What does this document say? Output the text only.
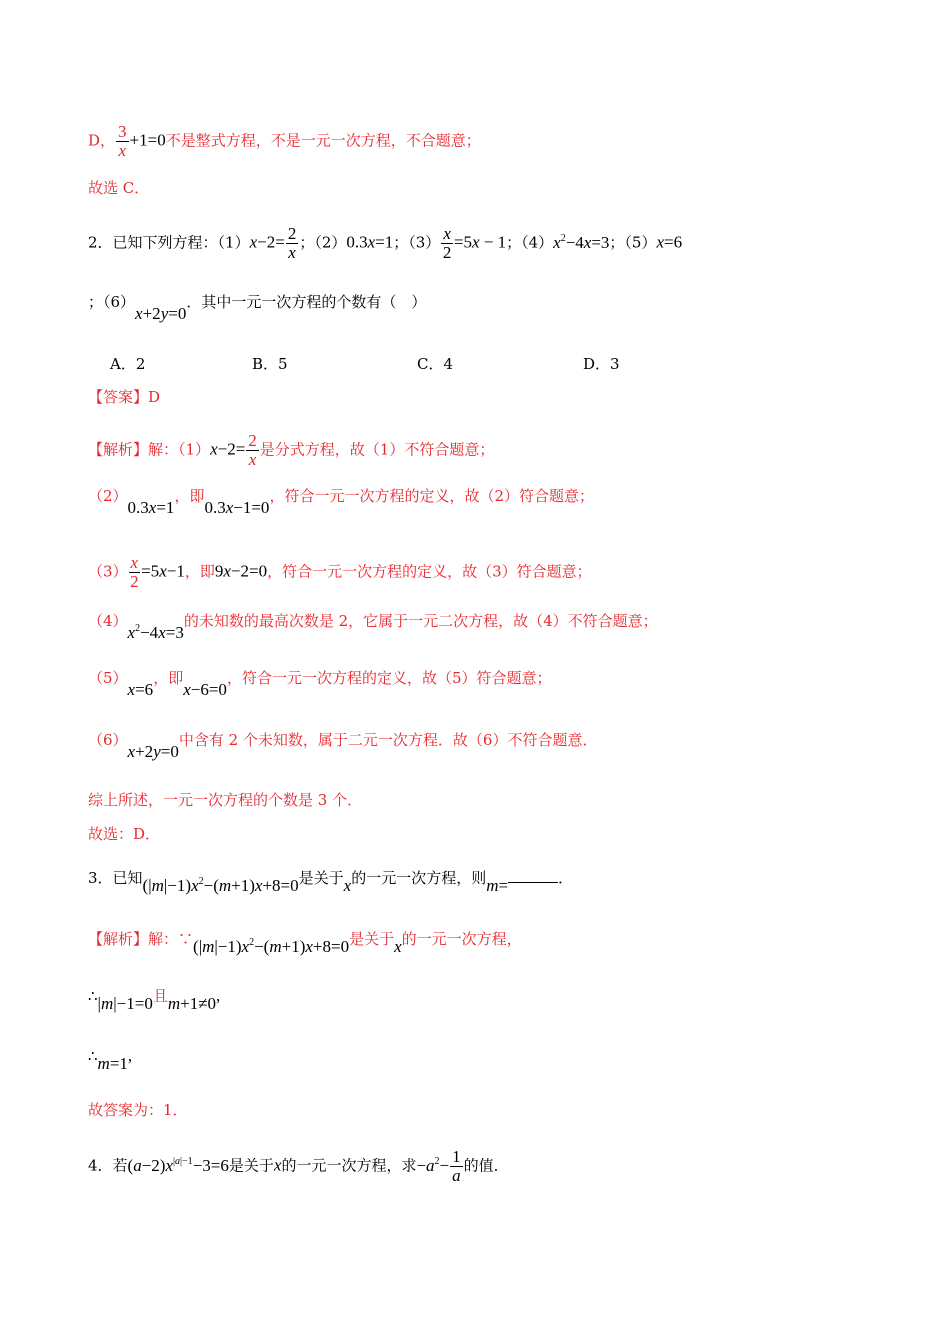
D， $\frac{3}{x} +1=0$不是整式方程，不是一元一次方程，不合题意；
故选 C．
2．已知下列方程：$(1)x-2= \frac{2}{x}$ ；（2）0.3x=1；$(3) \frac{x}{2} =5x - 1$；$(4)x^2-4x=3$；（5）x=6
；（6）x+2y=0．其中一元一次方程的个数有（　）
A．2	B．5	C．4	D．3
【答案】D
【解析】解：$(1)x-2= \frac{2}{x}$ 是分式方程，故（1）不符合题意；
（2）0.3x=1，即0.3x−1=0，符合一元一次方程的定义，故（2）符合题意；
$(3) \frac{x}{2} =5x-1$，即9x−2=0，符合一元一次方程的定义，故（3）符合题意；
$(4)x^2-4x=3$的未知数的最高次数是 2，它属于一元二次方程，故（4）不符合题意；
（5）x=6，即x−6=0，符合一元一次方程的定义，故（5）符合题意；
（6）x+2y=0中含有 2 个未知数，属于二元一次方程．故（6）不符合题意．
综上所述，一元一次方程的个数是 3 个．
故选：D．
3．已知$(|m|-1)x^2-(m+1)x+8=0$是关于x的一元一次方程，则m=	．
【解析】解：$\because(|m|-1)x^2-(m+1)x+8=0$是关于x的一元一次方程，
∴|m|−1=0且m+1≠0,
∴m=1,
故答案为：1．
4．若$(a-2)x^{|a|-1}-3=6$是关于x的一元一次方程，求$-a^2- \frac{1}{a}$ 的值．
